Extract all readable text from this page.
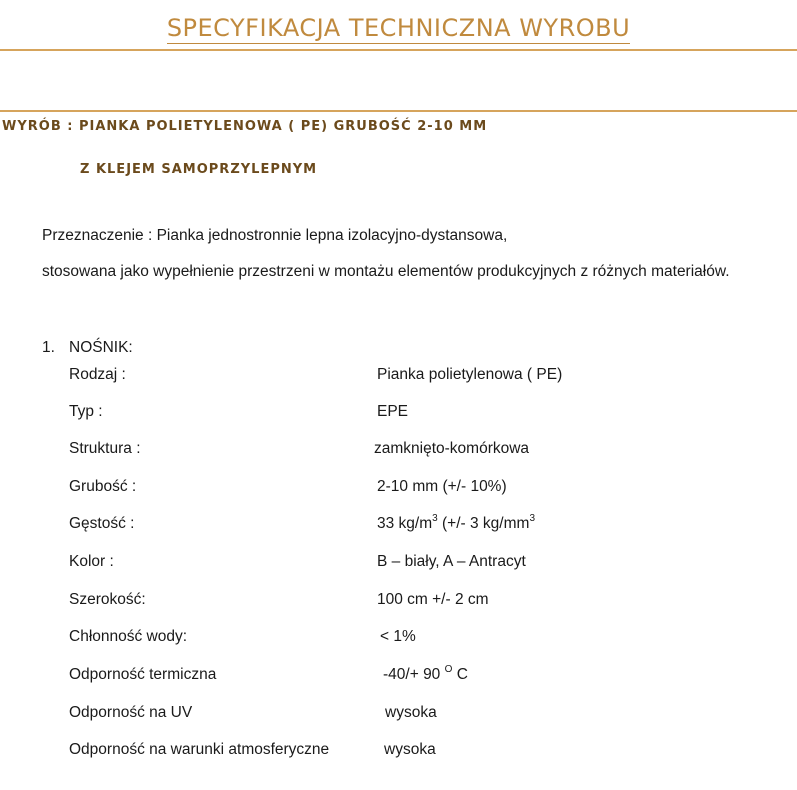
SPECYFIKACJA TECHNICZNA WYROBU
WYRÓB : PIANKA POLIETYLENOWA ( PE) GRUBOŚĆ 2-10 MM
Z KLEJEM SAMOPRZYLEPNYM
Przeznaczenie : Pianka jednostronnie lepna izolacyjno-dystansowa,
stosowana jako wypełnienie przestrzeni w montażu elementów produkcyjnych z różnych materiałów.
1. NOŚNIK:
Rodzaj :	Pianka polietylenowa ( PE)
Typ :	EPE
Struktura :	zamknięto-komórkowa
Grubość :	2-10 mm (+/- 10%)
Gęstość :	33 $kg/m^3$ (+/- 3 $kg/mm^3$
Kolor :	B – biały, A – Antracyt
Szerokość:	100 cm +/- 2 cm
Chłonność wody:	< 1%
Odporność termiczna	-40/+ 90 $^O$ C
Odporność na UV	wysoka
Odporność na warunki atmosferyczne	wysoka
